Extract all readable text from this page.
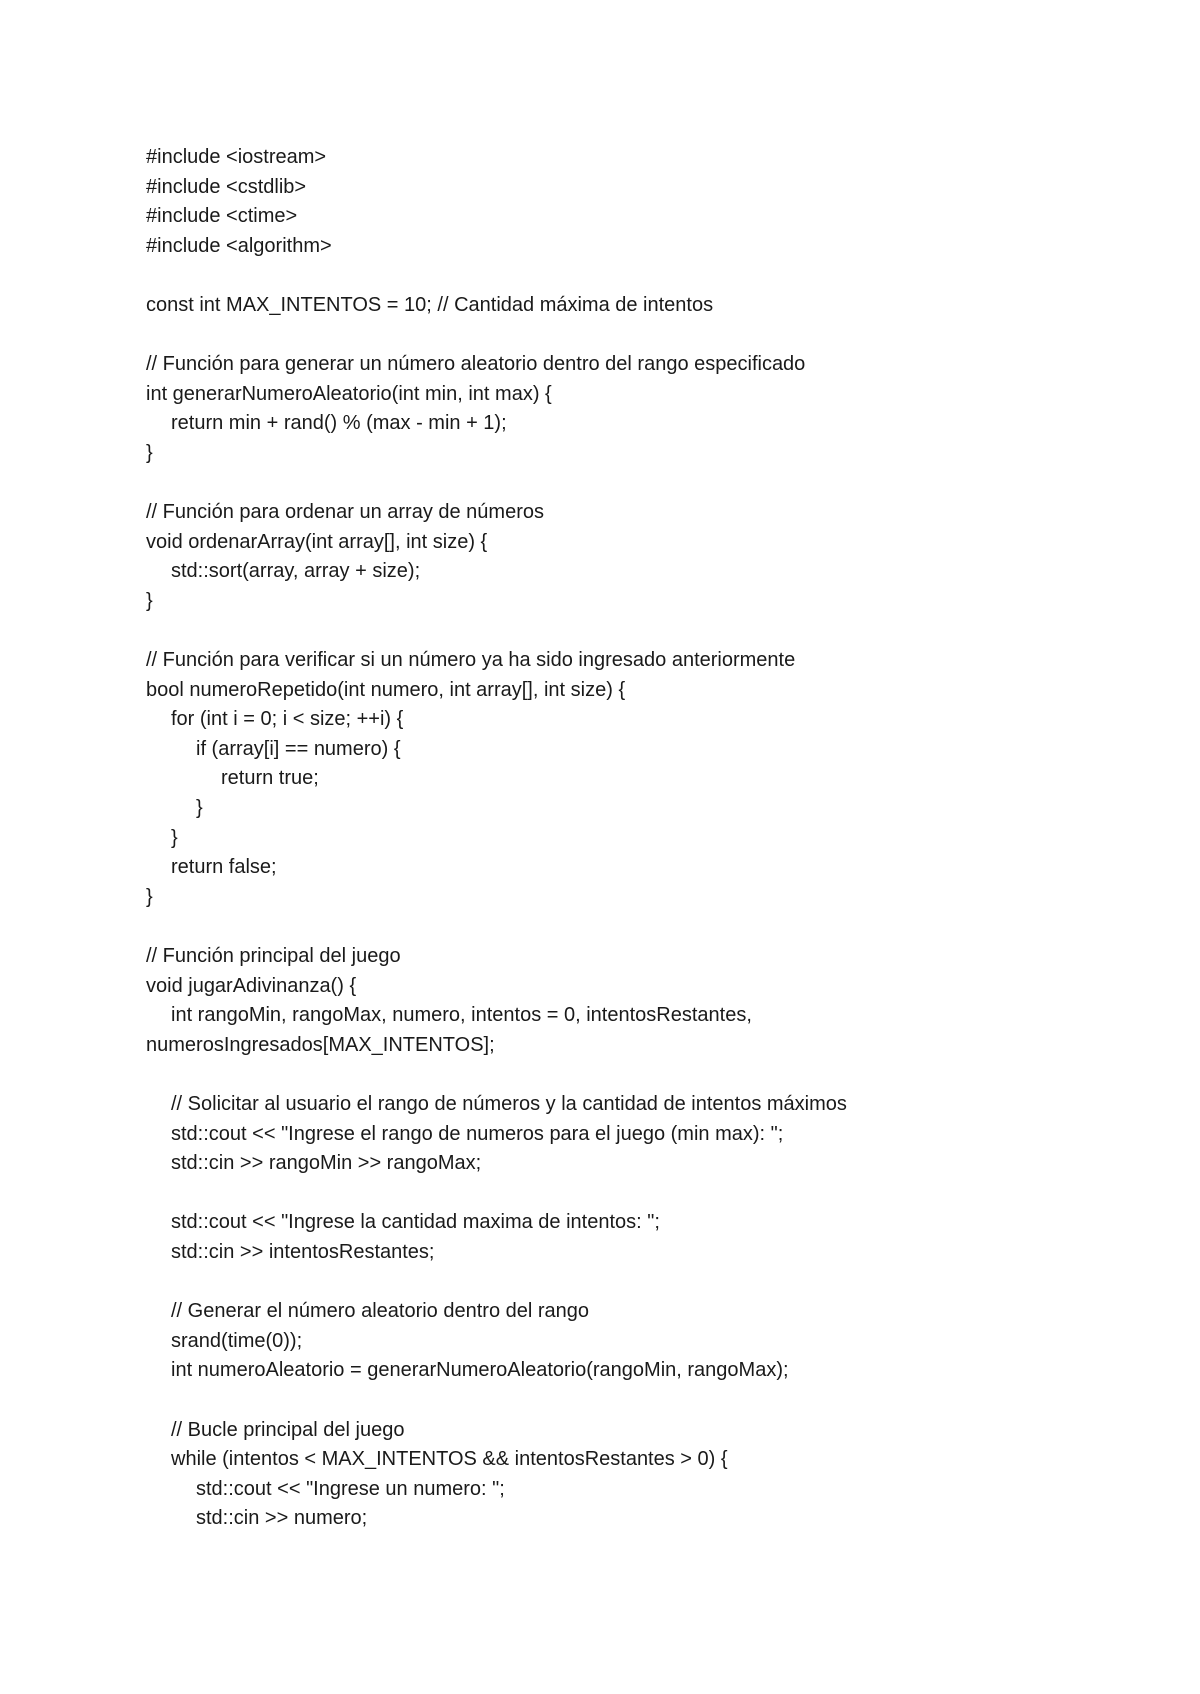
#include <iostream>
#include <cstdlib>
#include <ctime>
#include <algorithm>
const int MAX_INTENTOS = 10; // Cantidad máxima de intentos
// Función para generar un número aleatorio dentro del rango especificado
int generarNumeroAleatorio(int min, int max) {
return min + rand() % (max - min + 1);
}
// Función para ordenar un array de números
void ordenarArray(int array[], int size) {
std::sort(array, array + size);
}
// Función para verificar si un número ya ha sido ingresado anteriormente
bool numeroRepetido(int numero, int array[], int size) {
for (int i = 0; i < size; ++i) {
if (array[i] == numero) {
return true;
}
}
return false;
}
// Función principal del juego
void jugarAdivinanza() {
int rangoMin, rangoMax, numero, intentos = 0, intentosRestantes,
numerosIngresados[MAX_INTENTOS];
// Solicitar al usuario el rango de números y la cantidad de intentos máximos
std::cout << "Ingrese el rango de numeros para el juego (min max): ";
std::cin >> rangoMin >> rangoMax;
std::cout << "Ingrese la cantidad maxima de intentos: ";
std::cin >> intentosRestantes;
// Generar el número aleatorio dentro del rango
srand(time(0));
int numeroAleatorio = generarNumeroAleatorio(rangoMin, rangoMax);
// Bucle principal del juego
while (intentos < MAX_INTENTOS && intentosRestantes > 0) {
std::cout << "Ingrese un numero: ";
std::cin >> numero;
